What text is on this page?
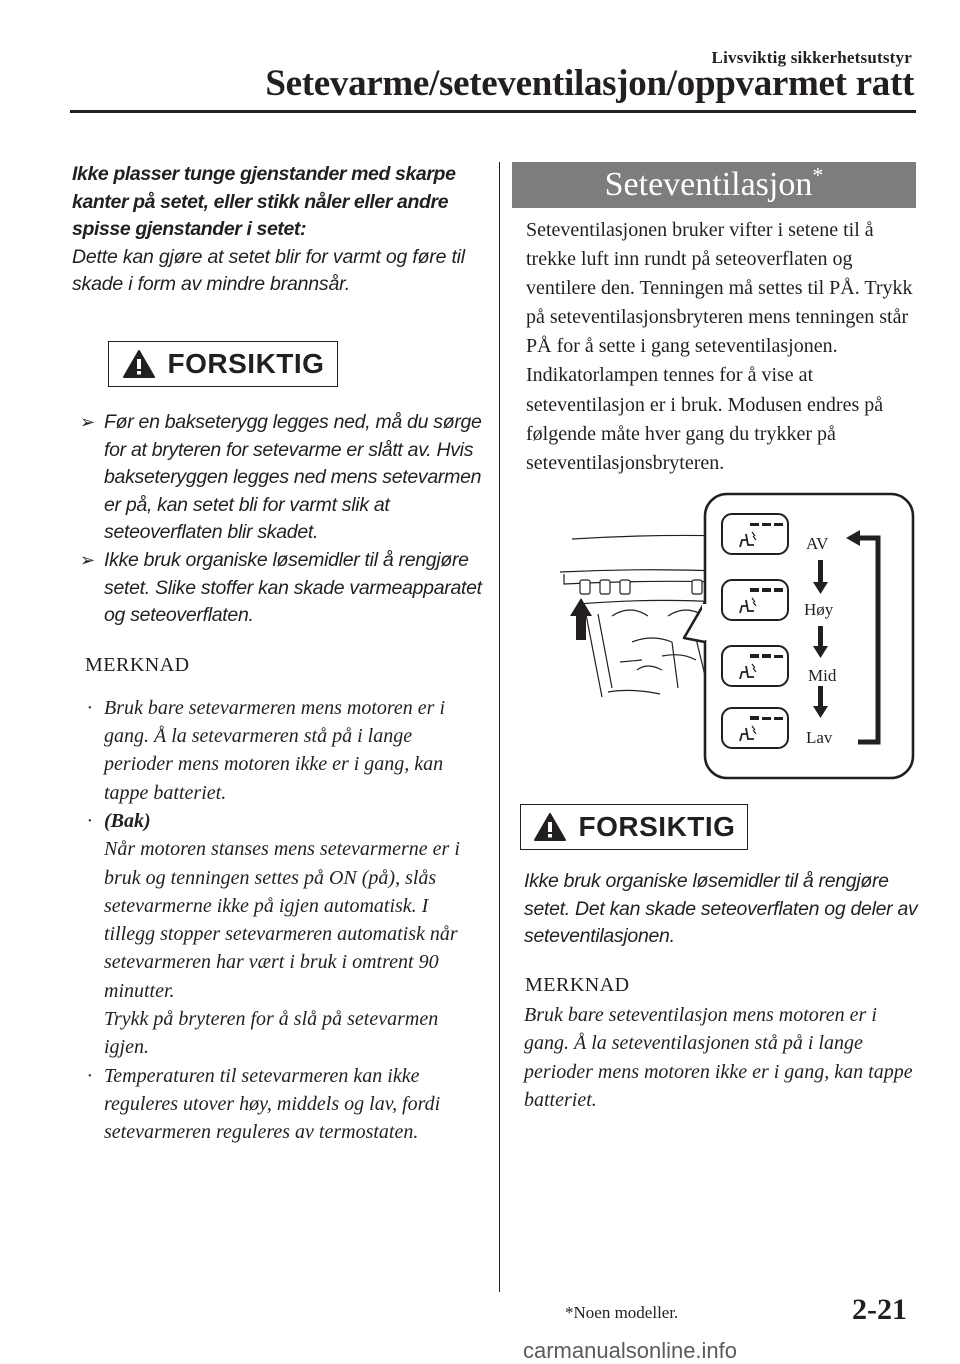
Livsviktig sikkerhetsutstyr
Setevarme/seteventilasjon/oppvarmet ratt
Ikke plasser tunge gjenstander med skarpe kanter på setet, eller stikk nåler eller andre spisse gjenstander i setet:
Dette kan gjøre at setet blir for varmt og føre til skade i form av mindre brannsår.
FORSIKTIG
➢ Før en bakseterygg legges ned, må du sørge for at bryteren for setevarme er slått av. Hvis bakseteryggen legges ned mens setevarmen er på, kan setet bli for varmt slik at seteoverflaten blir skadet.
➢ Ikke bruk organiske løsemidler til å rengjøre setet. Slike stoffer kan skade varmeapparatet og seteoverflaten.
MERKNAD
· Bruk bare setevarmeren mens motoren er i gang. Å la setevarmeren stå på i lange perioder mens motoren ikke er i gang, kan tappe batteriet.
· (Bak)
Når motoren stanses mens setevarmerne er i bruk og tenningen settes på ON (på), slås setevarmerne ikke på igjen automatisk. I tillegg stopper setevarmeren automatisk når setevarmeren har vært i bruk i omtrent 90 minutter.
Trykk på bryteren for å slå på setevarmen igjen.
· Temperaturen til setevarmeren kan ikke reguleres utover høy, middels og lav, fordi setevarmeren reguleres av termostaten.
Seteventilasjon*
Seteventilasjonen bruker vifter i setene til å trekke luft inn rundt på seteoverflaten og ventilere den. Tenningen må settes til PÅ. Trykk på seteventilasjonsbryteren mens tenningen står PÅ for å sette i gang seteventilasjonen. Indikatorlampen tennes for å vise at seteventilasjon er i bruk. Modusen endres på følgende måte hver gang du trykker på seteventilasjonsbryteren.
AV
Høy
Mid
Lav
FORSIKTIG
Ikke bruk organiske løsemidler til å rengjøre setet. Det kan skade seteoverflaten og deler av seteventilasjonen.
MERKNAD
Bruk bare seteventilasjon mens motoren er i gang. Å la seteventilasjonen stå på i lange perioder mens motoren ikke er i gang, kan tappe batteriet.
*Noen modeller.	2-21
carmanualsonline.info
